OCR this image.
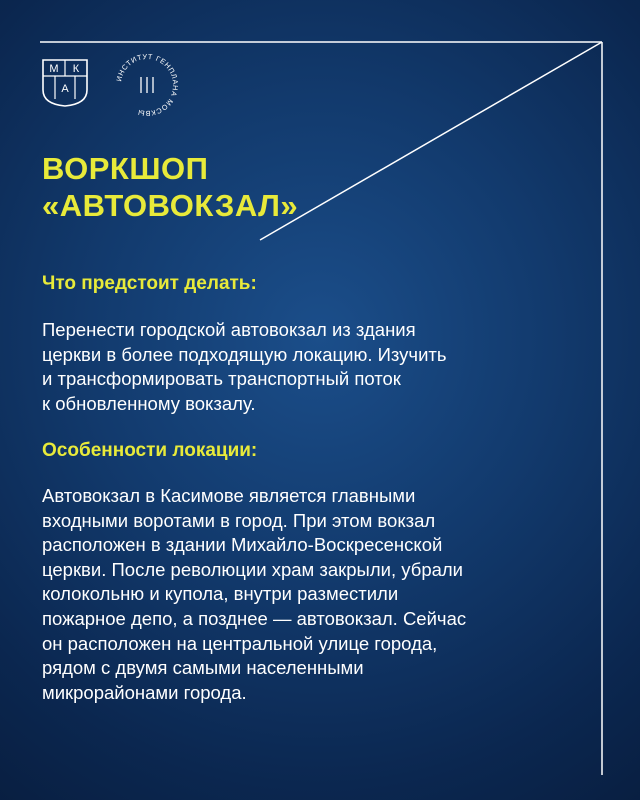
М К
А
ИНСТИТУТ ГЕНПЛАНА МОСКВЫ
ВОРКШОП
«АВТОВОКЗАЛ»
Что предстоит делать:

Перенести городской автовокзал из здания
церкви в более подходящую локацию. Изучить
и трансформировать транспортный поток
к обновленному вокзалу.

Особенности локации:

Автовокзал в Касимове является главными
входными воротами в город. При этом вокзал
расположен в здании Михайло-Воскресенской
церкви. После революции храм закрыли, убрали
колокольню и купола, внутри разместили
пожарное депо, а позднее — автовокзал. Сейчас
он расположен на центральной улице города,
рядом с двумя самыми населенными
микрорайонами города.
